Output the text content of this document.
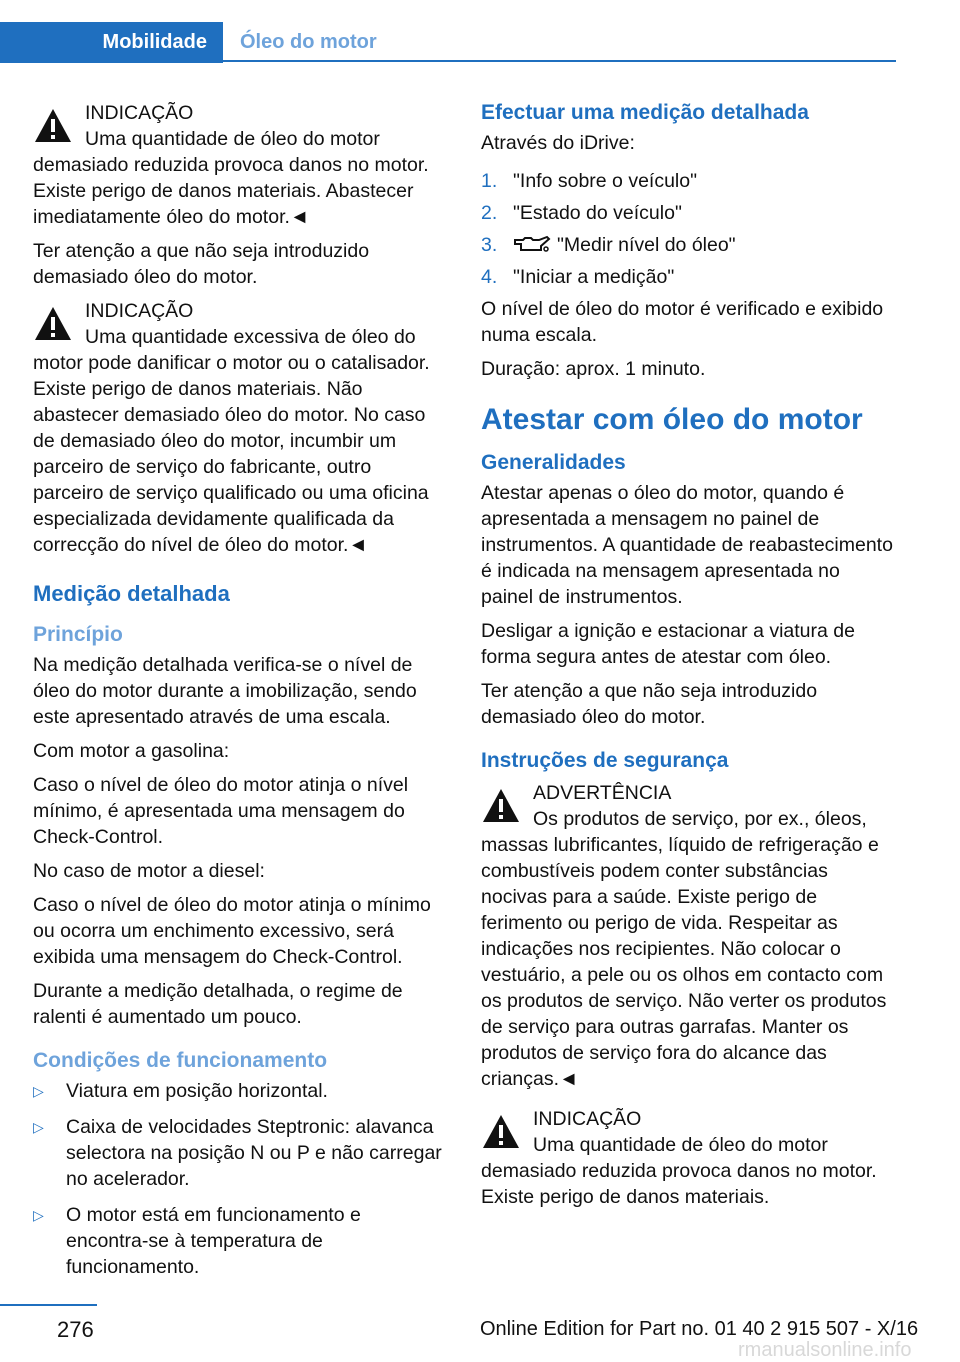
Mobilidade	Óleo do motor
INDICAÇÃO
Uma quantidade de óleo do motor demasiado reduzida provoca danos no motor. Existe perigo de danos materiais. Abastecer imediatamente óleo do motor.◄

Ter atenção a que não seja introduzido demasiado óleo do motor.

INDICAÇÃO
Uma quantidade excessiva de óleo do motor pode danificar o motor ou o catalisador. Existe perigo de danos materiais. Não abastecer demasiado óleo do motor. No caso de demasiado óleo do motor, incumbir um parceiro de serviço do fabricante, outro parceiro de serviço qualificado ou uma oficina especializada devidamente qualificada da correcção do nível de óleo do motor.◄
Medição detalhada
Princípio

Na medição detalhada verifica-se o nível de óleo do motor durante a imobilização, sendo este apresentado através de uma escala.

Com motor a gasolina:

Caso o nível de óleo do motor atinja o nível mínimo, é apresentada uma mensagem do Check-Control.

No caso de motor a diesel:

Caso o nível de óleo do motor atinja o mínimo ou ocorra um enchimento excessivo, será exibida uma mensagem do Check-Control.

Durante a medição detalhada, o regime de ralenti é aumentado um pouco.

Condições de funcionamento
▷ Viatura em posição horizontal.
▷ Caixa de velocidades Steptronic: alavanca selectora na posição N ou P e não carregar no acelerador.
▷ O motor está em funcionamento e encontra-se à temperatura de funcionamento.
Efectuar uma medição detalhada

Através do iDrive:

1. "Info sobre o veículo"
2. "Estado do veículo"
3.	"Medir nível do óleo"
4. "Iniciar a medição"

O nível de óleo do motor é verificado e exibido numa escala.

Duração: aprox. 1 minuto.

Atestar com óleo do motor
Generalidades

Atestar apenas o óleo do motor, quando é apresentada a mensagem no painel de instrumentos. A quantidade de reabastecimento é indicada na mensagem apresentada no painel de instrumentos.

Desligar a ignição e estacionar a viatura de forma segura antes de atestar com óleo.

Ter atenção a que não seja introduzido demasiado óleo do motor.

Instruções de segurança
ADVERTÊNCIA
Os produtos de serviço, por ex., óleos, massas lubrificantes, líquido de refrigeração e combustíveis podem conter substâncias nocivas para a saúde. Existe perigo de ferimento ou perigo de vida. Respeitar as indicações nos recipientes. Não colocar o vestuário, a pele ou os olhos em contacto com os produtos de serviço. Não verter os produtos de serviço para outras garrafas. Manter os produtos de serviço fora do alcance das crianças.◄
INDICAÇÃO
Uma quantidade de óleo do motor demasiado reduzida provoca danos no motor. Existe perigo de danos materiais.
276	Online Edition for Part no. 01 40 2 915 507 - X/16
rmanualsonline.info
